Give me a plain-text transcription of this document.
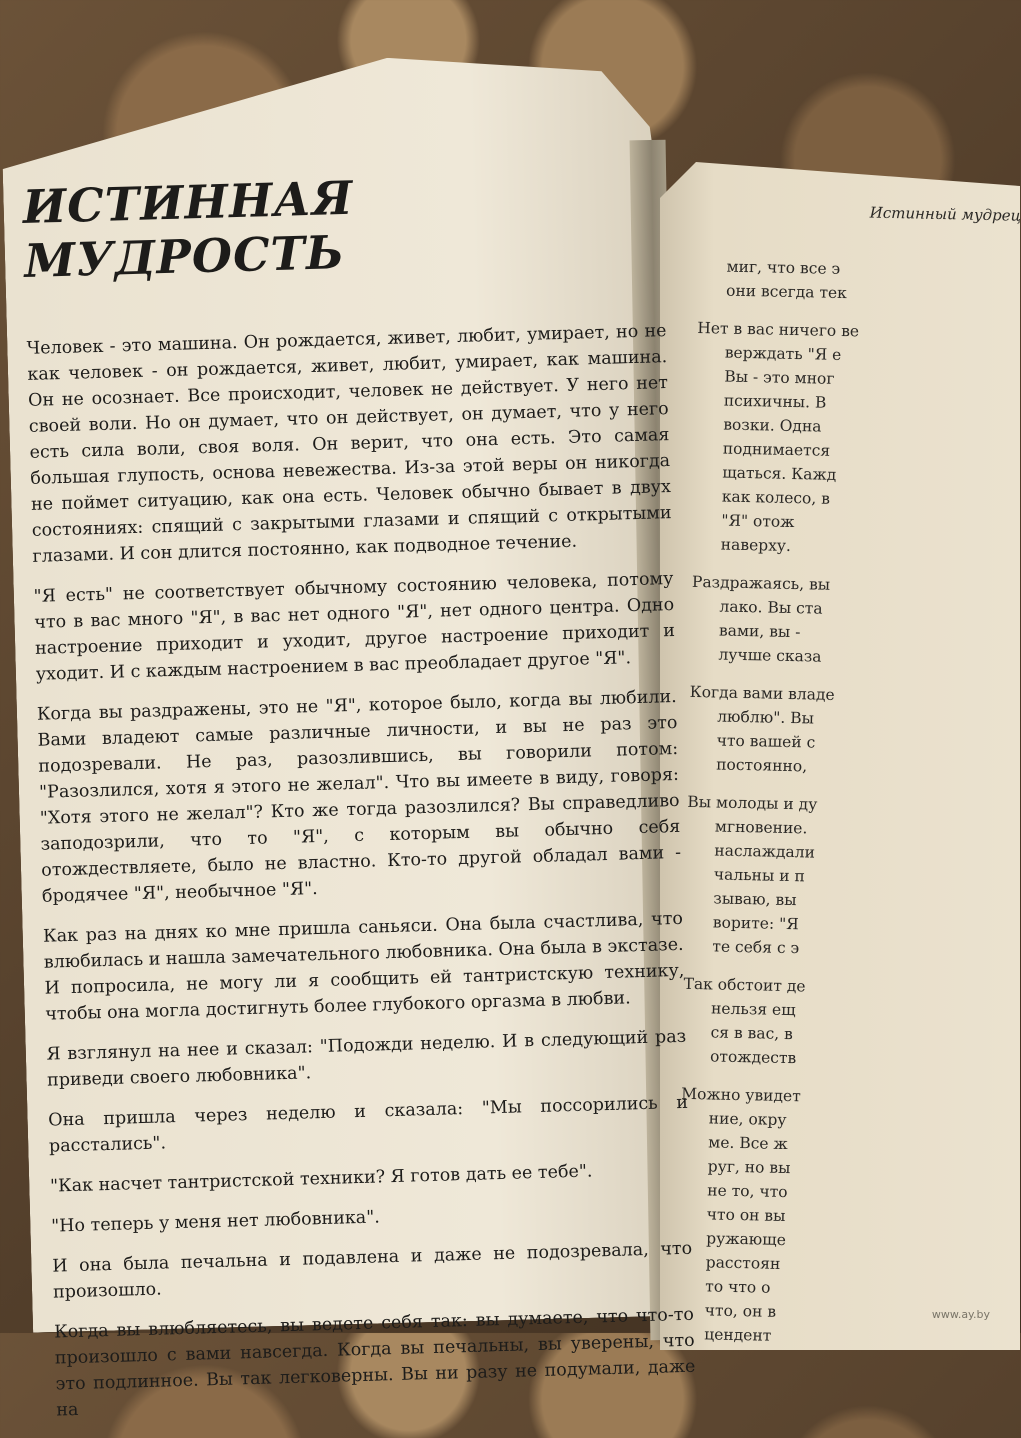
ИСТИННАЯ МУДРОСТЬ

Человек - это машина. Он рождается, живет, любит, умирает, но не как человек - он рождается, живет, любит, умирает, как машина. Он не осознает. Все происходит, человек не действует. У него нет своей воли. Но он думает, что он действует, он думает, что у него есть сила воли, своя воля. Он верит, что она есть. Это самая большая глупость, основа невежества. Из-за этой веры он никогда не поймет ситуацию, как она есть. Человек обычно бывает в двух состояниях: спящий с закрытыми глазами и спящий с открытыми глазами. И сон длится постоянно, как подводное течение.

"Я есть" не соответствует обычному состоянию человека, потому что в вас много "Я", в вас нет одного "Я", нет одного центра. Одно настроение приходит и уходит, другое настроение приходит и уходит. И с каждым настроением в вас преобладает другое "Я".

Когда вы раздражены, это не "Я", которое было, когда вы любили. Вами владеют самые различные личности, и вы не раз это подозревали. Не раз, разозлившись, вы говорили потом: "Разозлился, хотя я этого не желал". Что вы имеете в виду, говоря: "Хотя этого не желал"? Кто же тогда разозлился? Вы справедливо заподозрили, что то "Я", с которым вы обычно себя отождествляете, было не властно. Кто-то другой обладал вами - бродячее "Я", необычное "Я".

Как раз на днях ко мне пришла саньяси. Она была счастлива, что влюбилась и нашла замечательного любовника. Она была в экстазе. И попросила, не могу ли я сообщить ей тантристскую технику, чтобы она могла достигнуть более глубокого оргазма в любви.

Я взглянул на нее и сказал: "Подожди неделю. И в следующий раз приведи своего любовника".

Она пришла через неделю и сказала: "Мы поссорились и расстались".

"Как насчет тантристской техники? Я готов дать ее тебе".

"Но теперь у меня нет любовника".

И она была печальна и подавлена и даже не подозревала, что произошло.

Когда вы влюбляетесь, вы ведете себя так: вы думаете, что что-то произошло с вами навсегда. Когда вы печальны, вы уверены, что это подлинное. Вы так легковерны. Вы ни разу не подумали, даже на

Истинный мудрец
миг, что все э
они всегда тек
Нет в вас ничего ве
верждать "Я е
Вы - это мног
психичны. В
возки. Одна
поднимается
щаться. Кажд
как колесо, в
"Я" отож
наверху.
Раздражаясь, вы
лако. Вы ста
вами, вы -
лучше сказа
Когда вами владе
люблю". Вы
что вашей с
постоянно,
Вы молоды и ду
мгновение.
наслаждали
чальны и п
зываю, вы
ворите: "Я
те себя с э
Так обстоит де
нельзя ещ
ся в вас, в
отождеств
Можно увидет
ние, окру
ме. Все ж
руг, но вы
не то, что
что он вы
ружающе
расстоян
то что о
что, он в
цендент
www.ay.by
